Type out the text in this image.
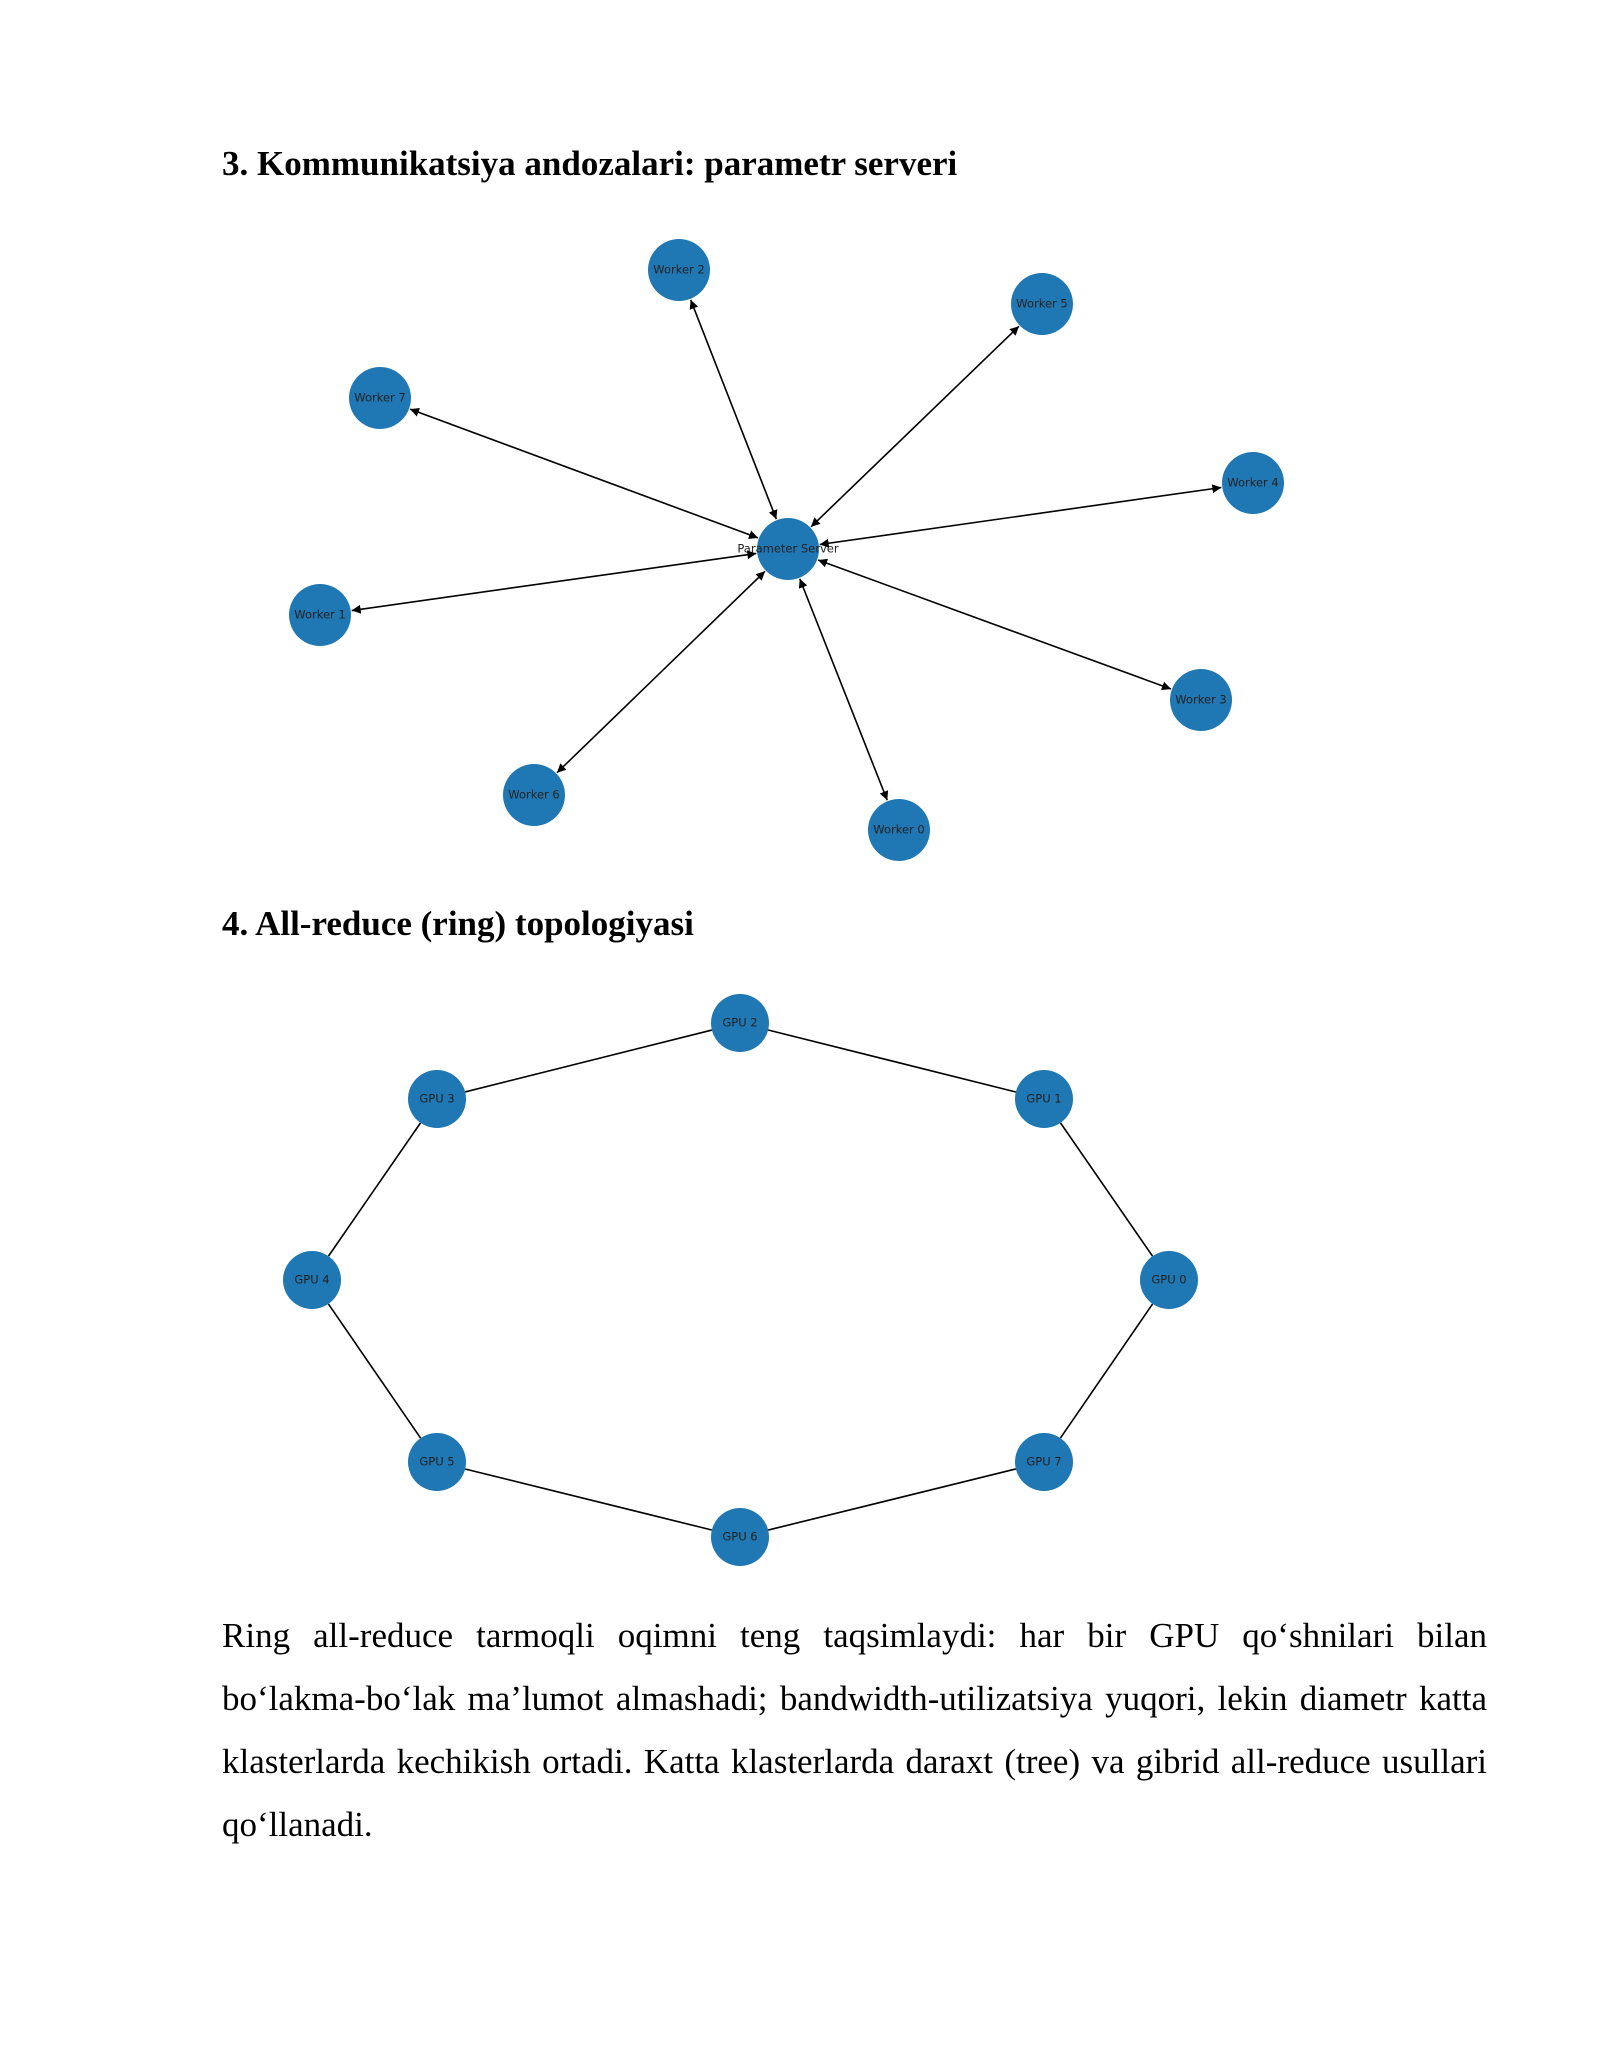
3. Kommunikatsiya andozalari: parametr serveri
Parameter Server
Worker 0
Worker 1
Worker 2
Worker 3
Worker 4
Worker 5
Worker 6
Worker 7
GPU 0
GPU 1
GPU 2
GPU 3
GPU 4
GPU 5
GPU 6
GPU 7
4. All-reduce (ring) topologiyasi

Ring all-reduce tarmoqli oqimni teng taqsimlaydi: har bir GPU qo‘shnilari bilan bo‘lakma-bo‘lak ma’lumot almashadi; bandwidth-utilizatsiya yuqori, lekin diametr katta klasterlarda kechikish ortadi. Katta klasterlarda daraxt (tree) va gibrid all-reduce usullari qo‘llanadi.
